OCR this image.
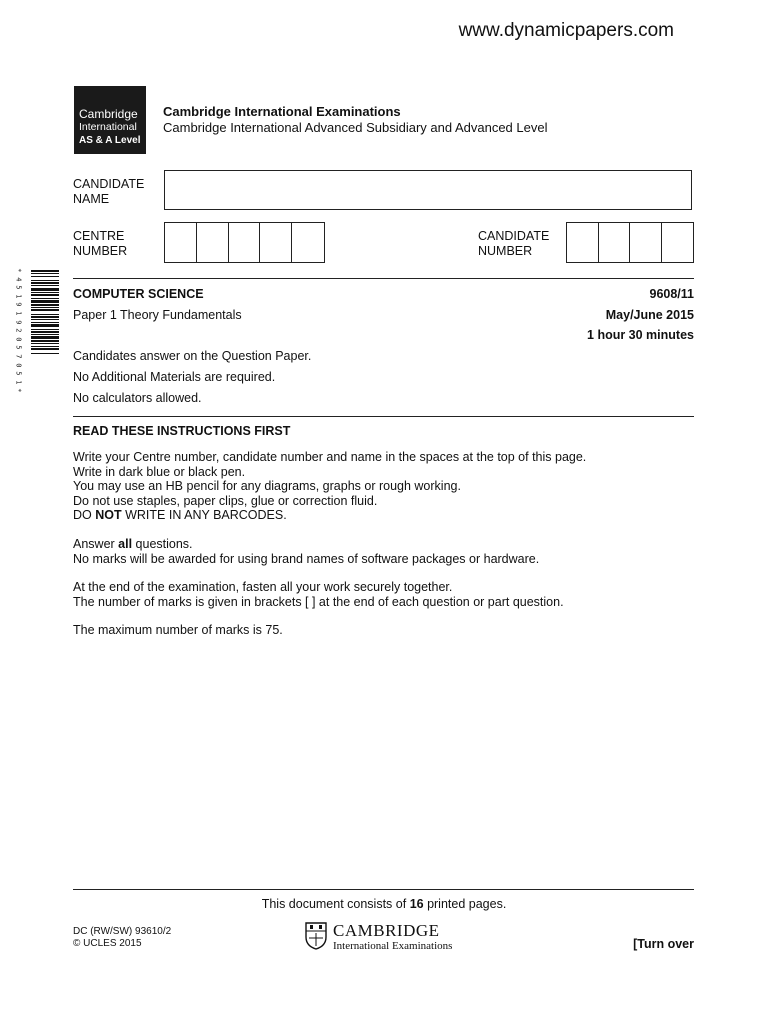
www.dynamicpapers.com
Cambridge
International
AS & A Level
Cambridge International Examinations
Cambridge International Advanced Subsidiary and Advanced Level
CANDIDATE
NAME
CENTRE
NUMBER
CANDIDATE
NUMBER
*
4
5
1
9
1
9
2
0
5
7
0
5
1
*
COMPUTER SCIENCE	9608/11
Paper 1 Theory Fundamentals	May/June 2015
1 hour 30 minutes
Candidates answer on the Question Paper.
No Additional Materials are required.
No calculators allowed.
READ THESE INSTRUCTIONS FIRST

Write your Centre number, candidate number and name in the spaces at the top of this page.
Write in dark blue or black pen.
You may use an HB pencil for any diagrams, graphs or rough working.
Do not use staples, paper clips, glue or correction fluid.
DO NOT WRITE IN ANY BARCODES.

Answer all questions.
No marks will be awarded for using brand names of software packages or hardware.

At the end of the examination, fasten all your work securely together.
The number of marks is given in brackets [ ] at the end of each question or part question.

The maximum number of marks is 75.

This document consists of 16 printed pages.
DC (RW/SW) 93610/2
© UCLES 2015
CAMBRIDGE
International Examinations	[Turn over
